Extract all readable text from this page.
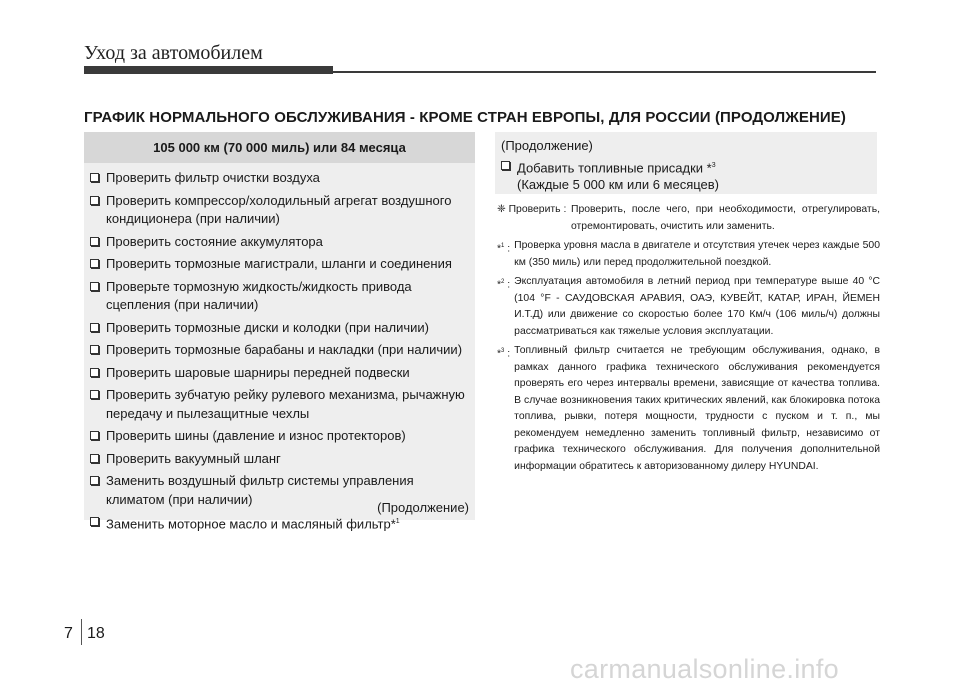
Уход за автомобилем
ГРАФИК НОРМАЛЬНОГО ОБСЛУЖИВАНИЯ - КРОМЕ СТРАН ЕВРОПЫ, ДЛЯ РОССИИ (ПРОДОЛЖЕНИЕ)
105 000 км (70 000 миль) или 84 месяца
Проверить фильтр очистки воздуха
Проверить компрессор/холодильный агрегат воздушного кондиционера (при наличии)
Проверить состояние аккумулятора
Проверить тормозные магистрали, шланги и соединения
Проверьте тормозную жидкость/жидкость привода сцепления (при наличии)
Проверить тормозные диски и колодки (при наличии)
Проверить тормозные барабаны и накладки (при наличии)
Проверить шаровые шарниры передней подвески
Проверить зубчатую рейку рулевого механизма, рычажную передачу и пылезащитные чехлы
Проверить шины (давление и износ протекторов)
Проверить вакуумный шланг
Заменить воздушный фильтр системы управления климатом (при наличии)
Заменить моторное масло и масляный фильтр*$^1$
(Продолжение)
(Продолжение)
Добавить топливные присадки *$^3$
(Каждые 5 000 км или 6 месяцев)
❈ Проверить : Проверить, после чего, при необходимости, отрегулировать, отремонтировать, очистить или заменить.
*$^1$ : Проверка уровня масла в двигателе и отсутствия утечек через каждые 500 км (350 миль) или перед продолжительной поездкой.
*$^2$ : Эксплуатация автомобиля в летний период при температуре выше 40 °C (104 °F - САУДОВСКАЯ АРАВИЯ, ОАЭ, КУВЕЙТ, КАТАР, ИРАН, ЙЕМЕН И.Т.Д) или движение со скоростью более 170 Км/ч (106 миль/ч) должны рассматриваться как тяжелые условия эксплуатации.
*$^3$ : Топливный фильтр считается не требующим обслуживания, однако, в рамках данного графика технического обслуживания рекомендуется проверять его через интервалы времени, зависящие от качества топлива. В случае возникновения таких критических явлений, как блокировка потока топлива, рывки, потеря мощности, трудности с пуском и т. п., мы рекомендуем немедленно заменить топливный фильтр, независимо от графика технического обслуживания. Для получения дополнительной информации обратитесь к авторизованному дилеру HYUNDAI.
7 18
carmanualsonline.info
